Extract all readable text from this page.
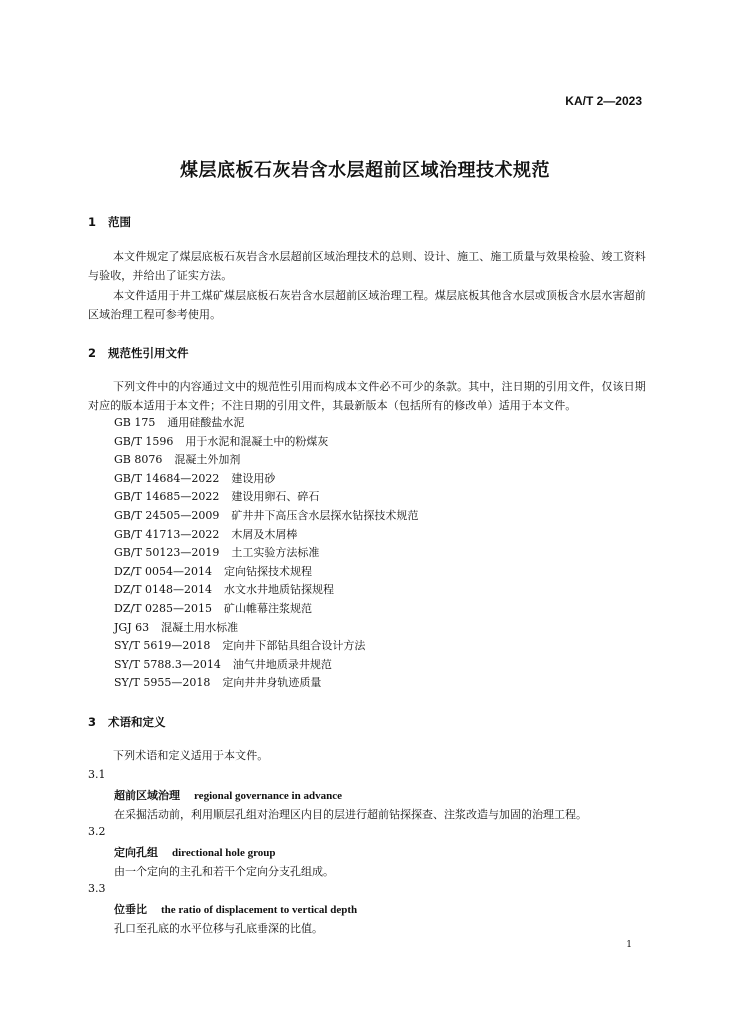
KA/T 2—2023
煤层底板石灰岩含水层超前区域治理技术规范
1 范围
本文件规定了煤层底板石灰岩含水层超前区域治理技术的总则、设计、施工、施工质量与效果检验、竣工资料与验收，并给出了证实方法。
本文件适用于井工煤矿煤层底板石灰岩含水层超前区域治理工程。煤层底板其他含水层或顶板含水层水害超前区域治理工程可参考使用。
2 规范性引用文件
下列文件中的内容通过文中的规范性引用而构成本文件必不可少的条款。其中，注日期的引用文件，仅该日期对应的版本适用于本文件；不注日期的引用文件，其最新版本（包括所有的修改单）适用于本文件。
GB 175 通用硅酸盐水泥
GB/T 1596 用于水泥和混凝土中的粉煤灰
GB 8076 混凝土外加剂
GB/T 14684—2022 建设用砂
GB/T 14685—2022 建设用卵石、碎石
GB/T 24505—2009 矿井井下高压含水层探水钻探技术规范
GB/T 41713—2022 木屑及木屑棒
GB/T 50123—2019 土工实验方法标准
DZ/T 0054—2014 定向钻探技术规程
DZ/T 0148—2014 水文水井地质钻探规程
DZ/T 0285—2015 矿山帷幕注浆规范
JGJ 63 混凝土用水标准
SY/T 5619—2018 定向井下部钻具组合设计方法
SY/T 5788.3—2014 油气井地质录井规范
SY/T 5955—2018 定向井井身轨迹质量
3 术语和定义
下列术语和定义适用于本文件。
3.1
超前区域治理 regional governance in advance
在采掘活动前，利用顺层孔组对治理区内目的层进行超前钻探探查、注浆改造与加固的治理工程。
3.2
定向孔组 directional hole group
由一个定向的主孔和若干个定向分支孔组成。
3.3
位垂比 the ratio of displacement to vertical depth
孔口至孔底的水平位移与孔底垂深的比值。
1
